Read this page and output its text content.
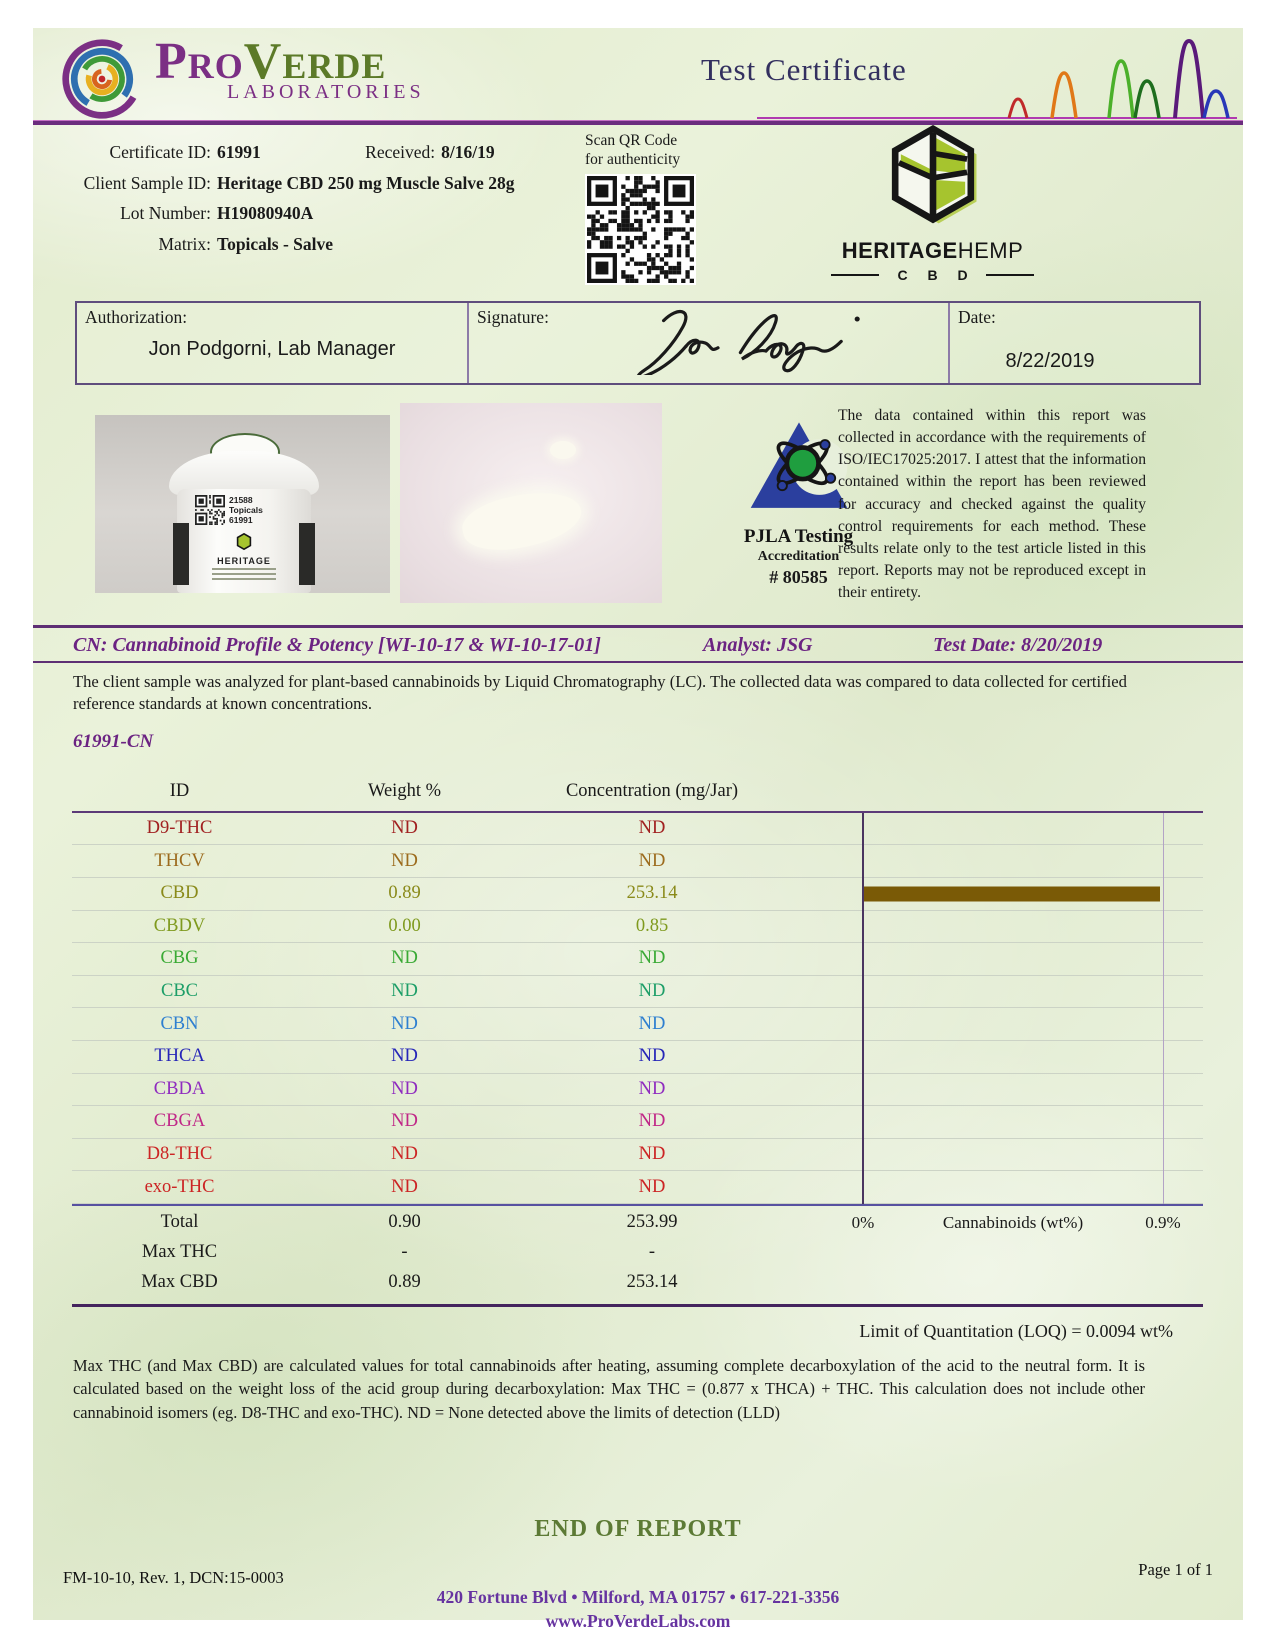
ProVerde
LABORATORIES
Test Certificate
Certificate ID: 61991	Received: 8/16/19
Client Sample ID: Heritage CBD 250 mg Muscle Salve 28g
Lot Number: H19080940A
Matrix: Topicals - Salve
Scan QR Code
for authenticity
HERITAGEHEMP
C B D
Authorization:
Jon Podgorni, Lab Manager
Signature:	Date:
8/22/2019
21588
Topicals
61991
HERITAGE
PJLA Testing
Accreditation
# 80585
The data contained within this report was collected in accordance with the requirements of ISO/IEC17025:2017. I attest that the information contained within the report has been reviewed for accuracy and checked against the quality control requirements for each method. These results relate only to the test article listed in this report. Reports may not be reproduced except in their entirety.
CN: Cannabinoid Profile & Potency [WI-10-17 & WI-10-17-01]	Analyst: JSG	Test Date: 8/20/2019
The client sample was analyzed for plant-based cannabinoids by Liquid Chromatography (LC). The collected data was compared to data collected for certified reference standards at known concentrations.
61991-CN
ID	Weight %	Concentration (mg/Jar)
D9-THC	ND	ND
THCV	ND	ND
CBD	0.89	253.14
CBDV	0.00	0.85
CBG	ND	ND
CBC	ND	ND
CBN	ND	ND
THCA	ND	ND
CBDA	ND	ND
CBGA	ND	ND
D8-THC	ND	ND
exo-THC	ND	ND
Total	0.90	253.99	0%	Cannabinoids (wt%)	0.9%
Max THC	-	-
Max CBD	0.89	253.14
Limit of Quantitation (LOQ) = 0.0094 wt%
Max THC (and Max CBD) are calculated values for total cannabinoids after heating, assuming complete decarboxylation of the acid to the neutral form. It is calculated based on the weight loss of the acid group during decarboxylation: Max THC = (0.877 x THCA) + THC. This calculation does not include other cannabinoid isomers (eg. D8-THC and exo-THC). ND = None detected above the limits of detection (LLD)
END OF REPORT
420 Fortune Blvd • Milford, MA 01757 • 617-221-3356
www.ProVerdeLabs.com
FM-10-10, Rev. 1, DCN:15-0003	Page 1 of 1
